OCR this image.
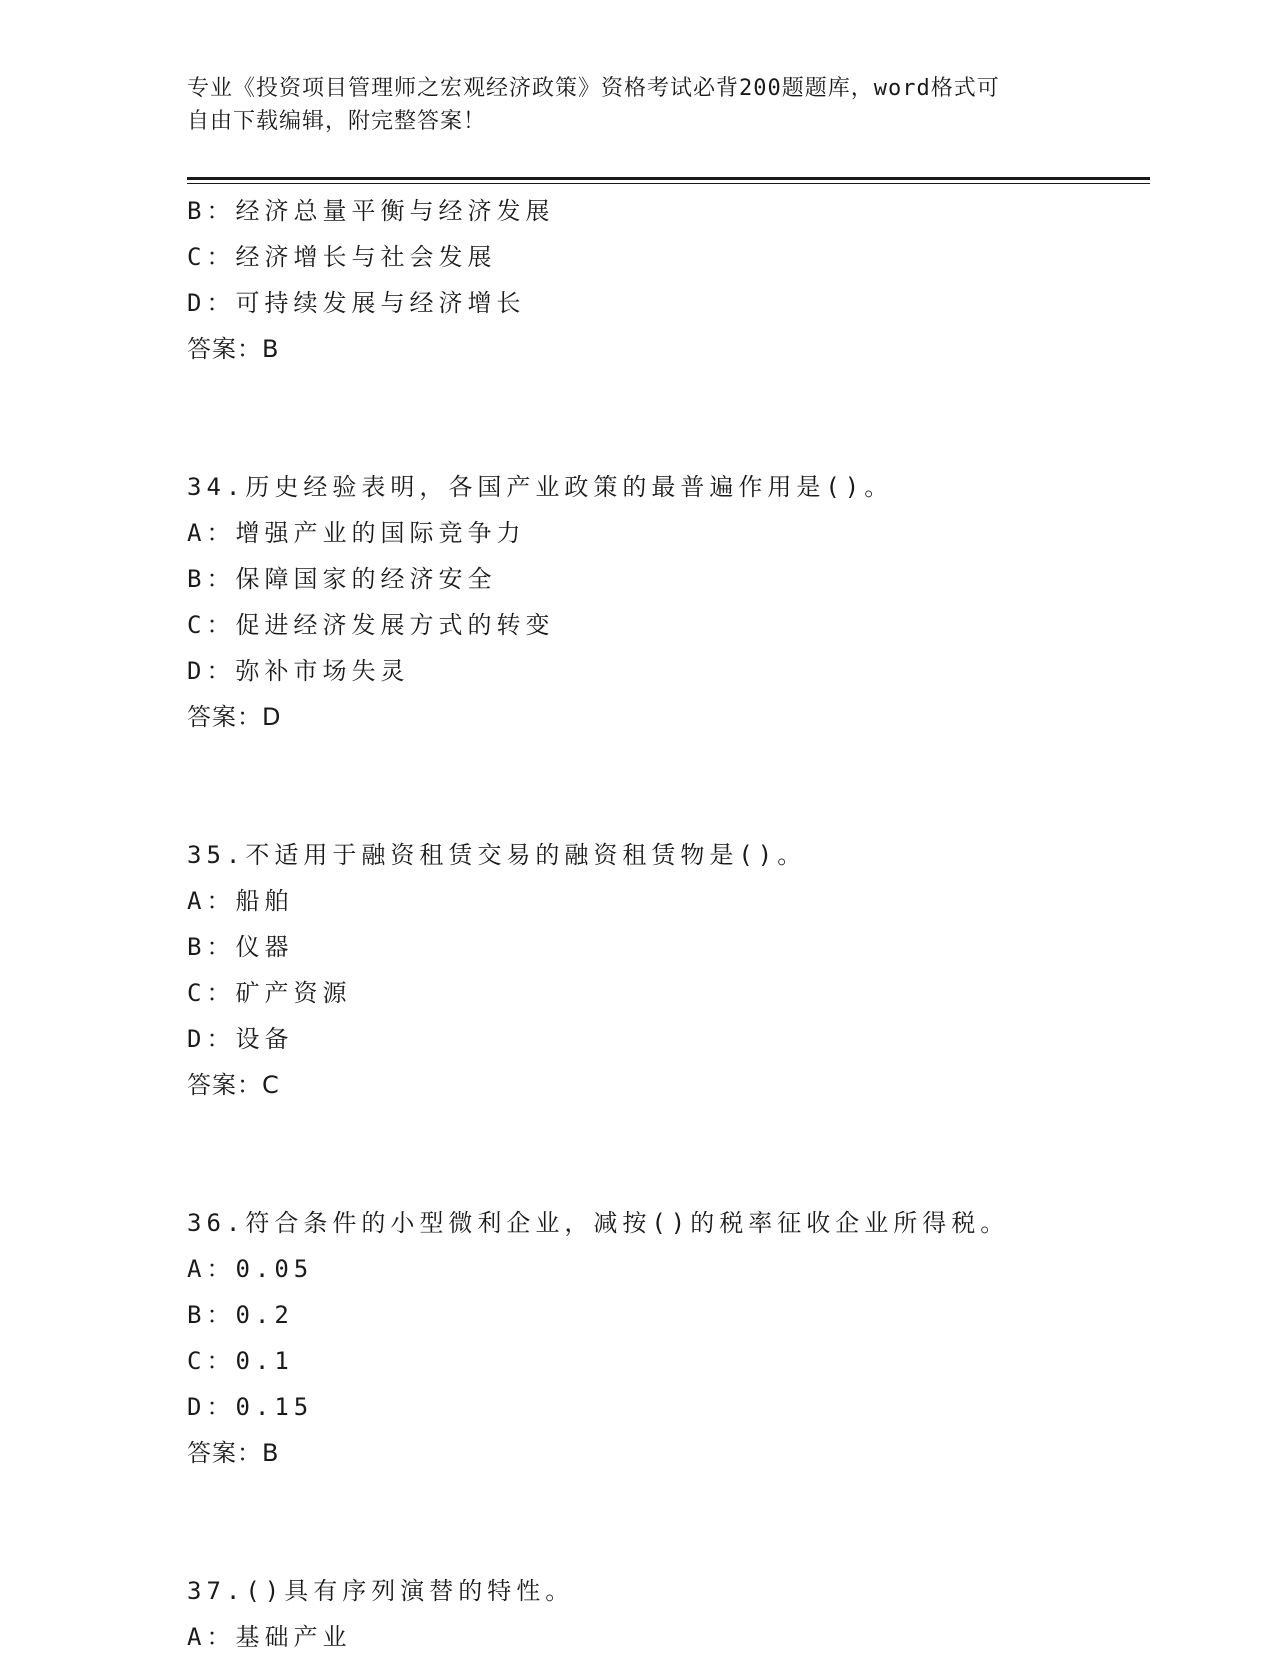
专业《投资项目管理师之宏观经济政策》资格考试必背200题题库，word格式可
自由下载编辑，附完整答案！
B：经济总量平衡与经济发展
C：经济增长与社会发展
D：可持续发展与经济增长
答案：B
34.历史经验表明，各国产业政策的最普遍作用是()。
A：增强产业的国际竞争力
B：保障国家的经济安全
C：促进经济发展方式的转变
D：弥补市场失灵
答案：D
35.不适用于融资租赁交易的融资租赁物是()。
A：船舶
B：仪器
C：矿产资源
D：设备
答案：C
36.符合条件的小型微利企业，减按()的税率征收企业所得税。
A：0.05
B：0.2
C：0.1
D：0.15
答案：B
37.()具有序列演替的特性。
A：基础产业
